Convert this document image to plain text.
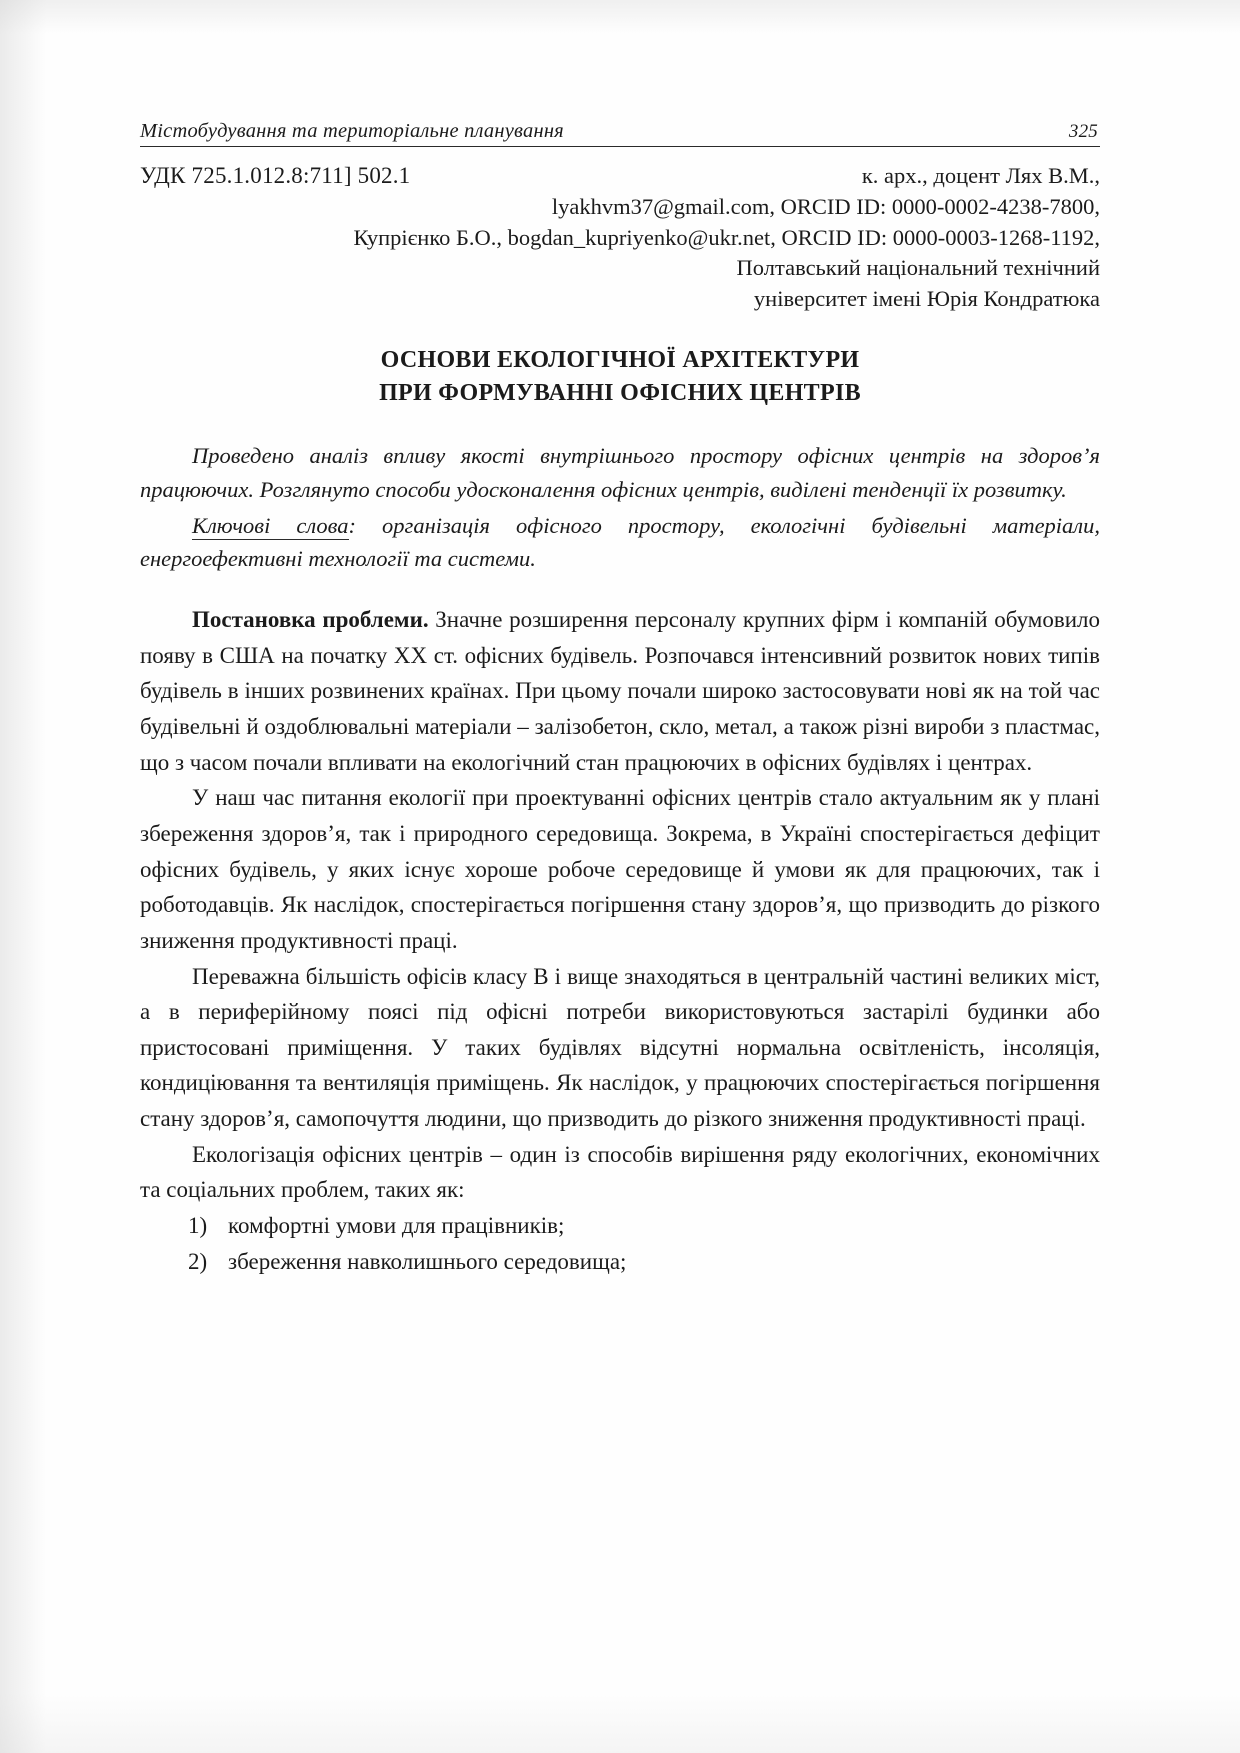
Містобудування та територіальне планування	325
УДК 725.1.012.8:711] 502.1	к. арх., доцент Лях В.М.,
lyakhvm37@gmail.com, ORCID ID: 0000-0002-4238-7800,
Купрієнко Б.О., bogdan_kupriyenko@ukr.net, ORCID ID: 0000-0003-1268-1192,
Полтавський національний технічний
університет імені Юрія Кондратюка
ОСНОВИ ЕКОЛОГІЧНОЇ АРХІТЕКТУРИ
ПРИ ФОРМУВАННІ ОФІСНИХ ЦЕНТРІВ

Проведено аналіз впливу якості внутрішнього простору офісних центрів на здоров’я працюючих. Розглянуто способи удосконалення офісних центрів, виділені тенденції їх розвитку.

Ключові слова: організація офісного простору, екологічні будівельні матеріали, енергоефективні технології та системи.

Постановка проблеми. Значне розширення персоналу крупних фірм і компаній обумовило появу в США на початку XX ст. офісних будівель. Розпочався інтенсивний розвиток нових типів будівель в інших розвинених країнах. При цьому почали широко застосовувати нові як на той час будівельні й оздоблювальні матеріали – залізобетон, скло, метал, а також різні вироби з пластмас, що з часом почали впливати на екологічний стан працюючих в офісних будівлях і центрах.

У наш час питання екології при проектуванні офісних центрів стало актуальним як у плані збереження здоров’я, так і природного середовища. Зокрема, в Україні спостерігається дефіцит офісних будівель, у яких існує хороше робоче середовище й умови як для працюючих, так і роботодавців. Як наслідок, спостерігається погіршення стану здоров’я, що призводить до різкого зниження продуктивності праці.

Переважна більшість офісів класу В і вище знаходяться в центральній частині великих міст, а в периферійному поясі під офісні потреби використовуються застарілі будинки або пристосовані приміщення. У таких будівлях відсутні нормальна освітленість, інсоляція, кондиціювання та вентиляція приміщень. Як наслідок, у працюючих спостерігається погіршення стану здоров’я, самопочуття людини, що призводить до різкого зниження продуктивності праці.

Екологізація офісних центрів – один із способів вирішення ряду екологічних, економічних та соціальних проблем, таких як:

1) комфортні умови для працівників;
2) збереження навколишнього середовища;
